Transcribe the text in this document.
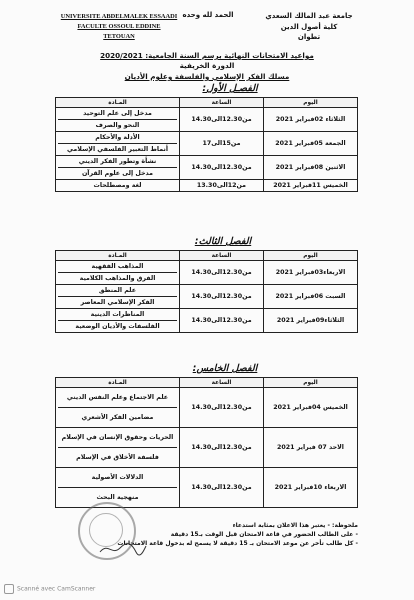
UNIVERSITE ABDELMALEK ESSAADI
FACULTE OSSOUL EDDINE
TETOUAN
الحمد لله وحده	جامعة عبد المالك السعدي
كلية أصول الدين
تطوان
مواعيد الامتحانات النهائية برسم السنة الجامعية: 2020/2021
الدورة الخريفية
مسلك الفكر الإسلامي والفلسفة وعلوم الأديان
الفصـل الأول:
المـادة	الساعة	اليوم

مدخل إلى علم التوحيد
النحو والصرف	من12.30الى14.30	الثلاثاء 02فبراير 2021

الأدلة والأحكام
أنماط التعبير الفلسفي الإسلامي	من15الى17	الجمعة 05فبراير 2021

نشأة وتطور الفكر الديني
مدخل إلى علوم القرآن	من12.30الى14.30	الاثنين 08فبراير 2021

لغة ومصطلحات	من12الى13.30	الخميس 11فبراير 2021
الفصل الثالث:
المـادة	الساعة	اليوم

المذاهب الفقهية
الفرق والمذاهب الكلامية	من12.30الى14.30	الاربعاء03فبراير 2021

علم المنطق
الفكر الإسلامي المعاصر	من12.30الى14.30	السبت 06فبراير 2021

المناظرات الدينية
الفلسفات والأديان الوضعية	من12.30الى14.30	الثلاثاء09فبراير 2021
الفصل الخامس:
المـادة	الساعة	اليوم

علم الاجتماع وعلم النفس الديني
مضامين الفكر الأشعري	من12.30الى14.30	الخميس 04فبراير 2021

الحريات وحقوق الإنسان في الإسلام
فلسفة الأخلاق في الإسلام	من12.30الى14.30	الاحد 07 فبراير 2021

الدلالات الأصولية
منهجية البحث	من12.30الى14.30	الاربعاء 10فبراير 2021
ملحوظة: - يعتبر هذا الاعلان بمثابة استدعاء
- على الطالب الحضور في قاعة الامتحان قبل الوقت بـ15 دقيقة
- كل طالب تأخر عن موعد الامتحان بـ 15 دقيقة لا يسمح له بدخول قاعة الامتحانات
Scanné avec CamScanner
